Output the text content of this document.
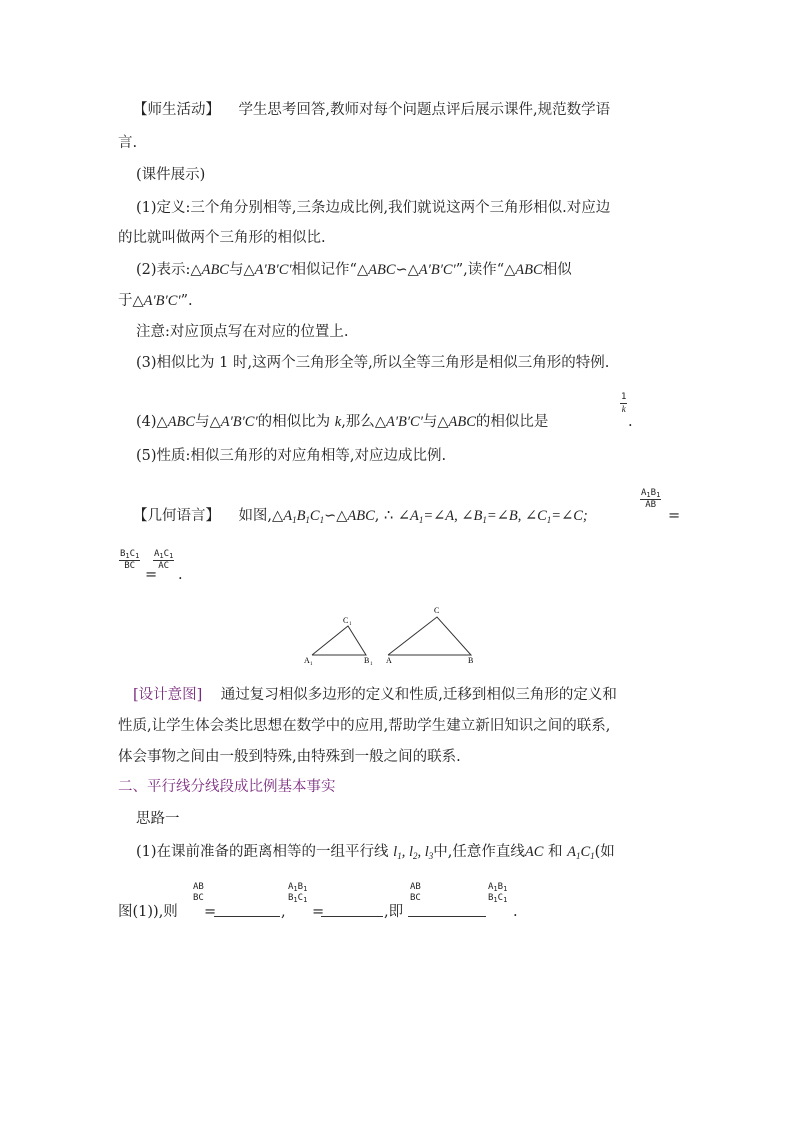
【师生活动】 学生思考回答,教师对每个问题点评后展示课件,规范数学语
言.
(课件展示)
(1)定义:三个角分别相等,三条边成比例,我们就说这两个三角形相似.对应边
的比就叫做两个三角形的相似比.
(2)表示:△ABC与△A′B′C′相似记作“△ABC∽△A′B′C′”,读作“△ABC相似
于△A′B′C′”.
注意:对应顶点写在对应的位置上.
(3)相似比为 1 时,这两个三角形全等,所以全等三角形是相似三角形的特例.
(4)△ABC与△A′B′C′的相似比为 k,那么△A′B′C′与△ABC的相似比是
$\frac{1}{k}$
.
(5)性质:相似三角形的对应角相等,对应边成比例.
【几何语言】 如图$,\triangle A_1B_1C_1∽\triangle ABC$, ∴ $\angle A_1=\angle A$, $\angle B_1=\angle B$, $\angle C_1=\angle C$;
$\frac{A_1B_1}{AB}$
=
$\frac{B_1C_1}{BC}$
=
$\frac{A_1C_1}{AC}$
.
C 1
A 1	B 1
C
A	B
[设计意图] 通过复习相似多边形的定义和性质,迁移到相似三角形的定义和
性质,让学生体会类比思想在数学中的应用,帮助学生建立新旧知识之间的联系,
体会事物之间由一般到特殊,由特殊到一般之间的联系.
二、平行线分线段成比例基本事实
思路一
(1)在课前准备的距离相等的一组平行线 $l_1$, $l_2$, $l_3$中,任意作直线AC 和 $A_1C_1$(如
图(1)),则
AB
BC
=	,
$A_1B_1$
$B_1C_1$
=	,即
AB
BC
$A_1B_1$
$B_1C_1$
.
